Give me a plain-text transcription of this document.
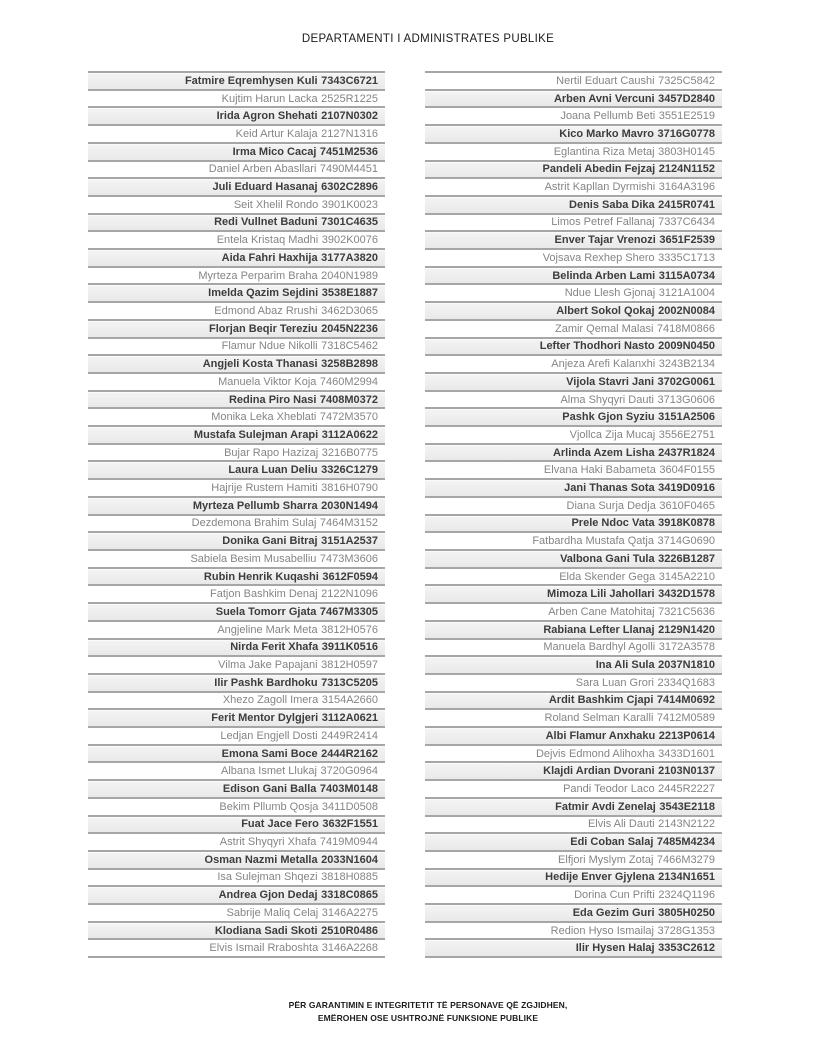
DEPARTAMENTI I ADMINISTRATES PUBLIKE
Fatmire Eqremhysen Kuli 7343C6721
Kujtim Harun Lacka 2525R1225
Irida Agron Shehati 2107N0302
Keid Artur Kalaja 2127N1316
Irma Mico Cacaj 7451M2536
Daniel Arben Abasllari 7490M4451
Juli Eduard Hasanaj 6302C2896
Seit Xhelil Rondo 3901K0023
Redi Vullnet Baduni 7301C4635
Entela Kristaq Madhi 3902K0076
Aida Fahri Haxhija 3177A3820
Myrteza Perparim Braha 2040N1989
Imelda Qazim Sejdini 3538E1887
Edmond Abaz Rrushi 3462D3065
Florjan Beqir Tereziu 2045N2236
Flamur Ndue Nikolli 7318C5462
Angjeli Kosta Thanasi 3258B2898
Manuela Viktor Koja 7460M2994
Redina Piro Nasi 7408M0372
Monika Leka Xheblati 7472M3570
Mustafa Sulejman Arapi 3112A0622
Bujar Rapo Hazizaj 3216B0775
Laura Luan Deliu 3326C1279
Hajrije Rustem Hamiti 3816H0790
Myrteza Pellumb Sharra 2030N1494
Dezdemona Brahim Sulaj 7464M3152
Donika Gani Bitraj 3151A2537
Sabiela Besim Musabelliu 7473M3606
Rubin Henrik Kuqashi 3612F0594
Fatjon Bashkim Denaj 2122N1096
Suela Tomorr Gjata 7467M3305
Angjeline Mark Meta 3812H0576
Nirda Ferit Xhafa 3911K0516
Vilma Jake Papajani 3812H0597
Ilir Pashk Bardhoku 7313C5205
Xhezo Zagoll Imera 3154A2660
Ferit Mentor Dylgjeri 3112A0621
Ledjan Engjell Dosti 2449R2414
Emona Sami Boce 2444R2162
Albana Ismet Llukaj 3720G0964
Edison Gani Balla 7403M0148
Bekim Pllumb Qosja 3411D0508
Fuat Jace Fero 3632F1551
Astrit Shyqyri Xhafa 7419M0944
Osman Nazmi Metalla 2033N1604
Isa Sulejman Shqezi 3818H0885
Andrea Gjon Dedaj 3318C0865
Sabrije Maliq Celaj 3146A2275
Klodiana Sadi Skoti 2510R0486
Elvis Ismail Rraboshta 3146A2268
Nertil Eduart Caushi 7325C5842
Arben Avni Vercuni 3457D2840
Joana Pellumb Beti 3551E2519
Kico Marko Mavro 3716G0778
Eglantina Riza Metaj 3803H0145
Pandeli Abedin Fejzaj 2124N1152
Astrit Kapllan Dyrmishi 3164A3196
Denis Saba Dika 2415R0741
Limos Petref Fallanaj 7337C6434
Enver Tajar Vrenozi 3651F2539
Vojsava Rexhep Shero 3335C1713
Belinda Arben Lami 3115A0734
Ndue Llesh Gjonaj 3121A1004
Albert Sokol Qokaj 2002N0084
Zamir Qemal Malasi 7418M0866
Lefter Thodhori Nasto 2009N0450
Anjeza Arefi Kalanxhi 3243B2134
Vijola Stavri Jani 3702G0061
Alma Shyqyri Dauti 3713G0606
Pashk Gjon Syziu 3151A2506
Vjollca Zija Mucaj 3556E2751
Arlinda Azem Lisha 2437R1824
Elvana Haki Babameta 3604F0155
Jani Thanas Sota 3419D0916
Diana Surja Dedja 3610F0465
Prele Ndoc Vata 3918K0878
Fatbardha Mustafa Qatja 3714G0690
Valbona Gani Tula 3226B1287
Elda Skender Gega 3145A2210
Mimoza Lili Jahollari 3432D1578
Arben Cane Matohitaj 7321C5636
Rabiana Lefter Llanaj 2129N1420
Manuela Bardhyl Agolli 3172A3578
Ina Ali Sula 2037N1810
Sara Luan Grori 2334Q1683
Ardit Bashkim Cjapi 7414M0692
Roland Selman Karalli 7412M0589
Albi Flamur Anxhaku 2213P0614
Dejvis Edmond Alihoxha 3433D1601
Klajdi Ardian Dvorani 2103N0137
Pandi Teodor Laco 2445R2227
Fatmir Avdi Zenelaj 3543E2118
Elvis Ali Dauti 2143N2122
Edi Coban Salaj 7485M4234
Elfjori Myslym Zotaj 7466M3279
Hedije Enver Gjylena 2134N1651
Dorina Cun Prifti 2324Q1196
Eda Gezim Guri 3805H0250
Redion Hyso Ismailaj 3728G1353
Ilir Hysen Halaj 3353C2612
PËR GARANTIMIN E INTEGRITETIT TË PERSONAVE QË ZGJIDHEN,
EMËROHEN OSE USHTROJNË FUNKSIONE PUBLIKE
